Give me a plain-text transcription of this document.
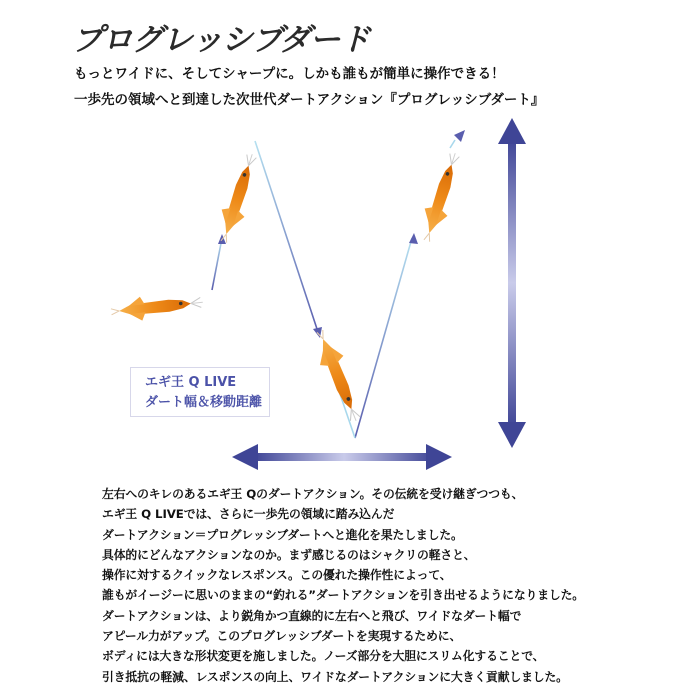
プログレッシブダード
もっとワイドに、そしてシャープに。しかも誰もが簡単に操作できる！
一歩先の領域へと到達した次世代ダートアクション『プログレッシブダート』
エギ王 Q LIVE
ダート幅＆移動距離
左右へのキレのあるエギ王 Qのダートアクション。その伝統を受け継ぎつつも、
エギ王 Q LIVEでは、さらに一歩先の領域に踏み込んだ
ダートアクション＝プログレッシブダートへと進化を果たしました。
具体的にどんなアクションなのか。まず感じるのはシャクリの軽さと、
操作に対するクイックなレスポンス。この優れた操作性によって、
誰もがイージーに思いのままの“釣れる”ダートアクションを引き出せるようになりました。
ダートアクションは、より鋭角かつ直線的に左右へと飛び、ワイドなダート幅で
アピール力がアップ。このプログレッシブダートを実現するために、
ボディには大きな形状変更を施しました。ノーズ部分を大胆にスリム化することで、
引き抵抗の軽減、レスポンスの向上、ワイドなダートアクションに大きく貢献しました。
